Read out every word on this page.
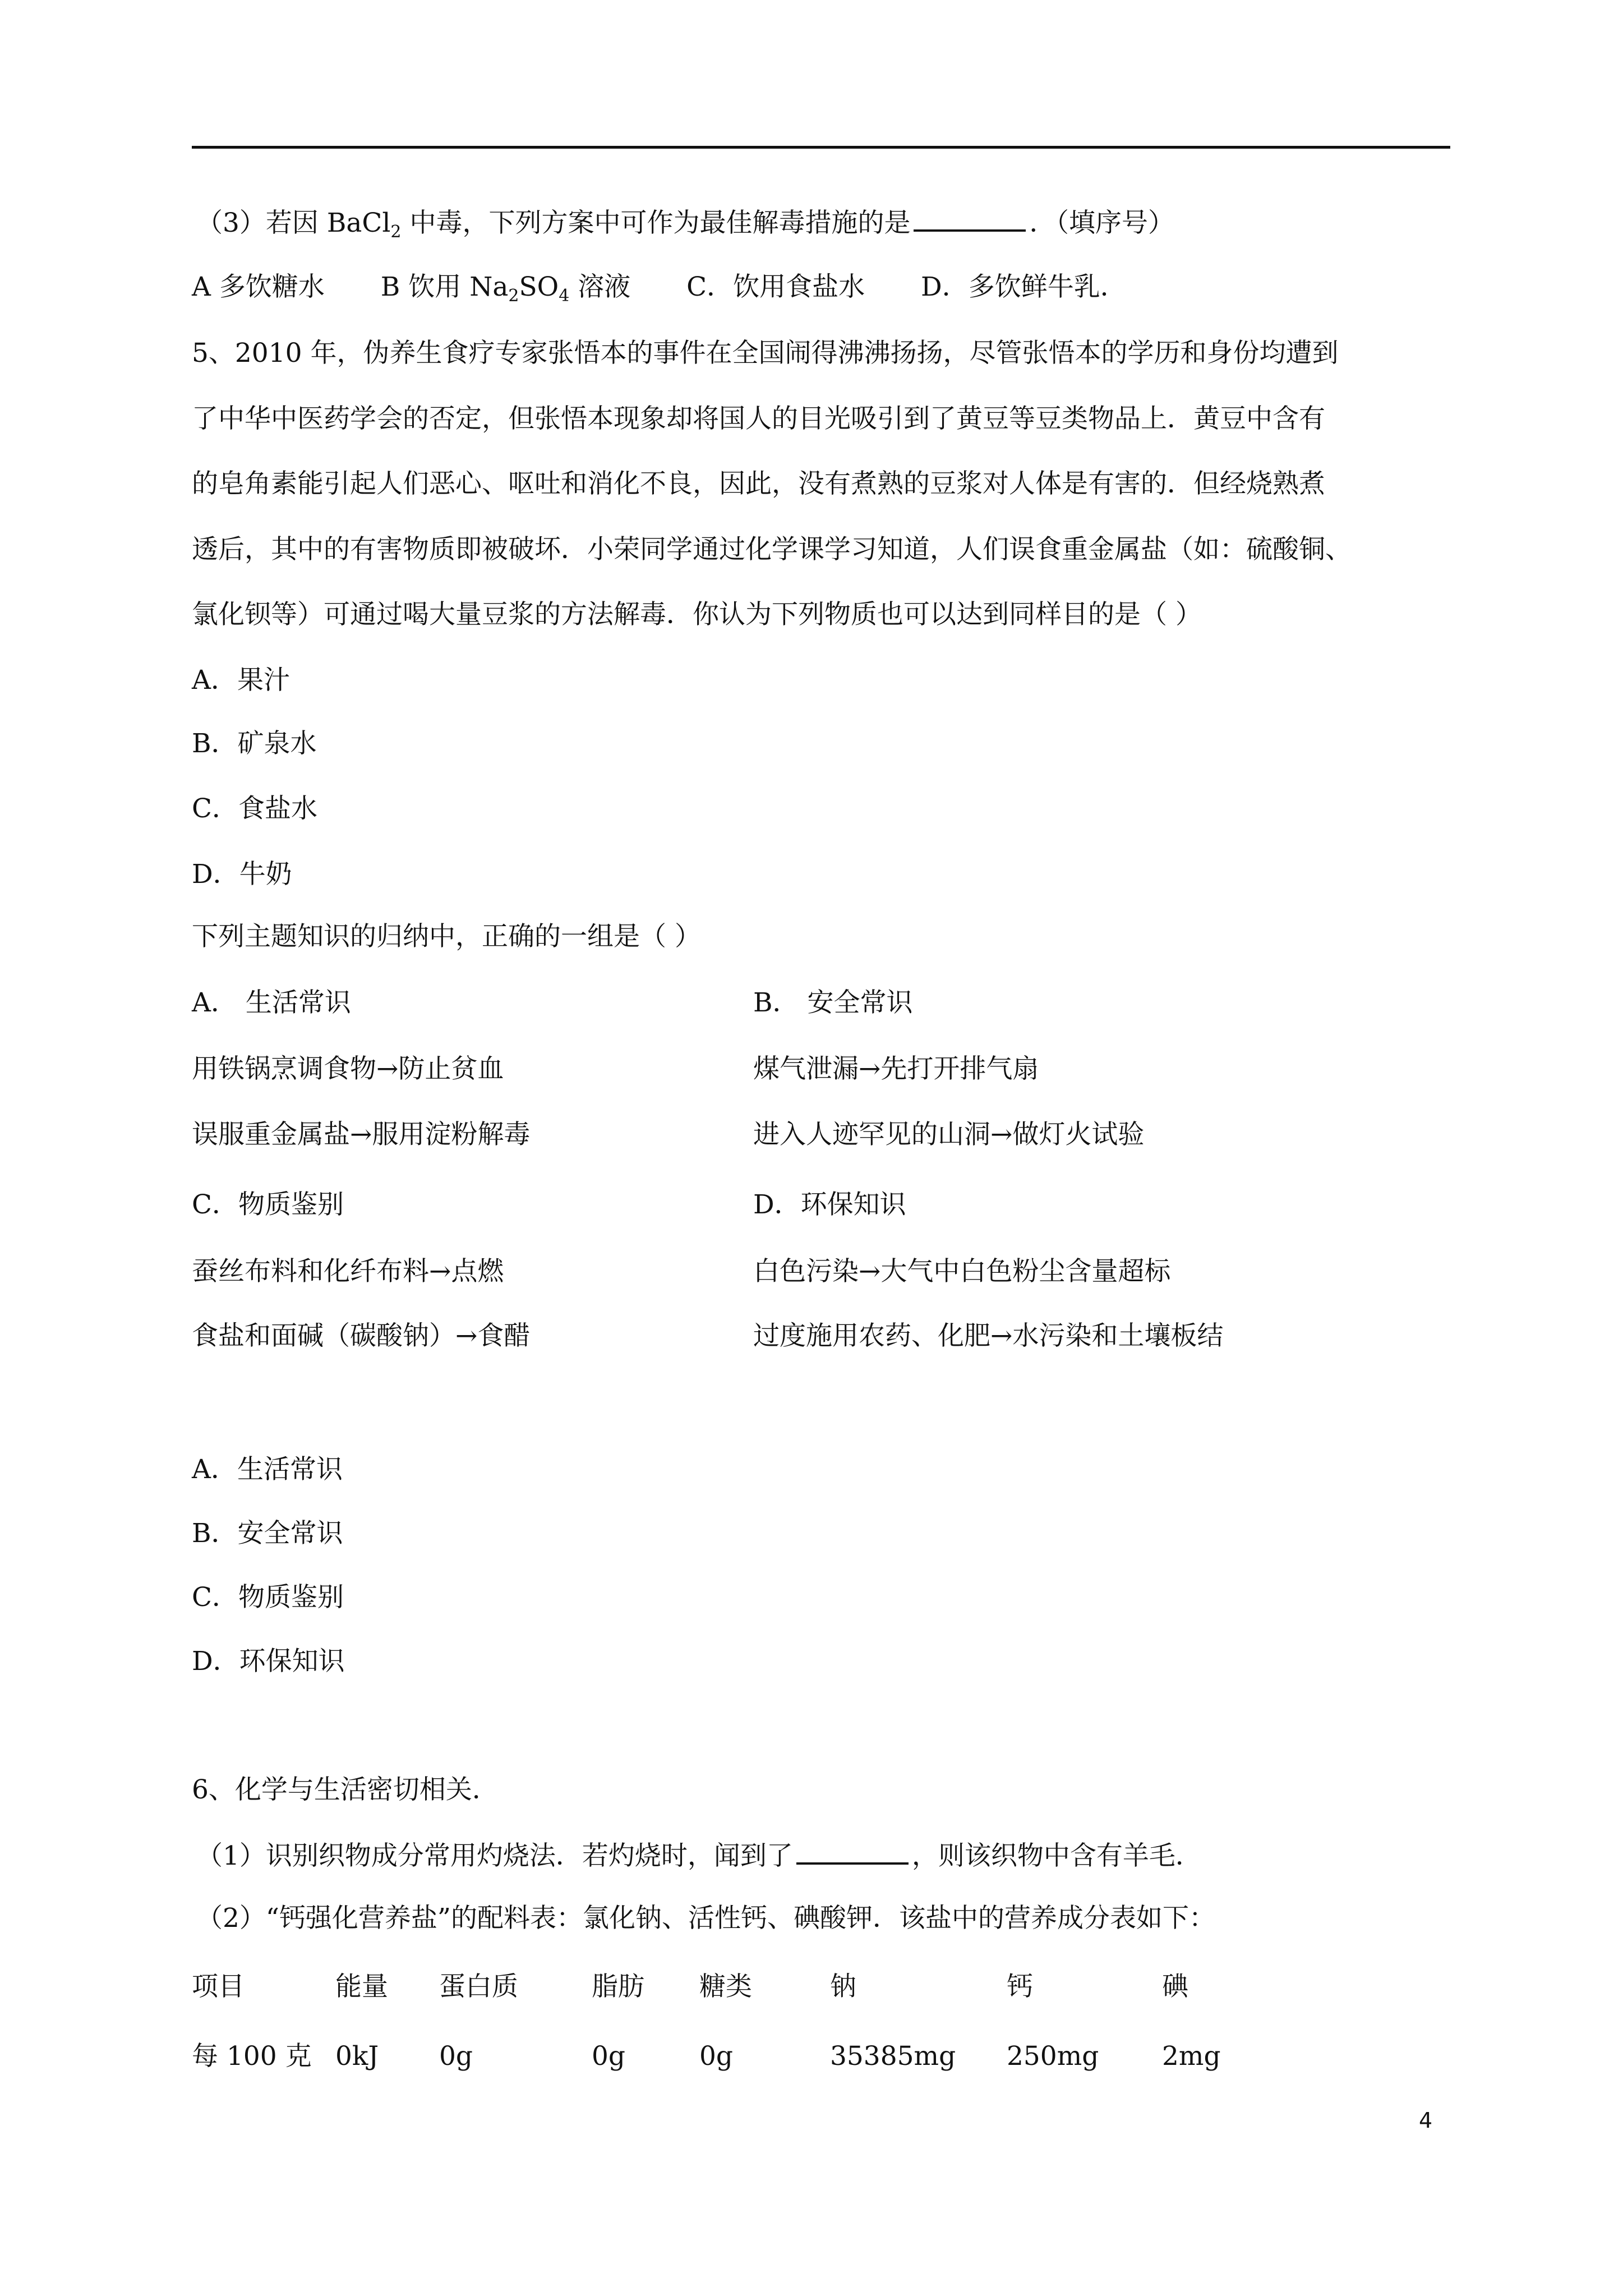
（3）若因 BaCl$_2$ 中毒，下列方案中可作为最佳解毒措施的是	．（填序号）
A 多饮糖水 B 饮用 $Na_2SO_4$ 溶液 C．饮用食盐水 D．多饮鲜牛乳．
5、2010 年，伪养生食疗专家张悟本的事件在全国闹得沸沸扬扬，尽管张悟本的学历和身份均遭到
了中华中医药学会的否定，但张悟本现象却将国人的目光吸引到了黄豆等豆类物品上．黄豆中含有
的皂角素能引起人们恶心、呕吐和消化不良，因此，没有煮熟的豆浆对人体是有害的．但经烧熟煮
透后，其中的有害物质即被破坏．小荣同学通过化学课学习知道，人们误食重金属盐（如：硫酸铜、
氯化钡等）可通过喝大量豆浆的方法解毒．你认为下列物质也可以达到同样目的是（ ）
A．果汁
B．矿泉水
C．食盐水
D．牛奶
下列主题知识的归纳中，正确的一组是（ ）
A． 生活常识	B． 安全常识
用铁锅烹调食物→防止贫血	煤气泄漏→先打开排气扇
误服重金属盐→服用淀粉解毒	进入人迹罕见的山洞→做灯火试验
C．物质鉴别	D．环保知识
蚕丝布料和化纤布料→点燃	白色污染→大气中白色粉尘含量超标
食盐和面碱（碳酸钠）→食醋	过度施用农药、化肥→水污染和土壤板结
A．生活常识
B．安全常识
C．物质鉴别
D．环保知识
6、化学与生活密切相关．
（1）识别织物成分常用灼烧法．若灼烧时，闻到了	，则该织物中含有羊毛．
（2）“钙强化营养盐”的配料表：氯化钠、活性钙、碘酸钾．该盐中的营养成分表如下：
项目	能量 蛋白质	脂肪 糖类	钠	钙	碘
每 100 克 0kJ 0g	0g	0g	35385mg 250mg 2mg
4
